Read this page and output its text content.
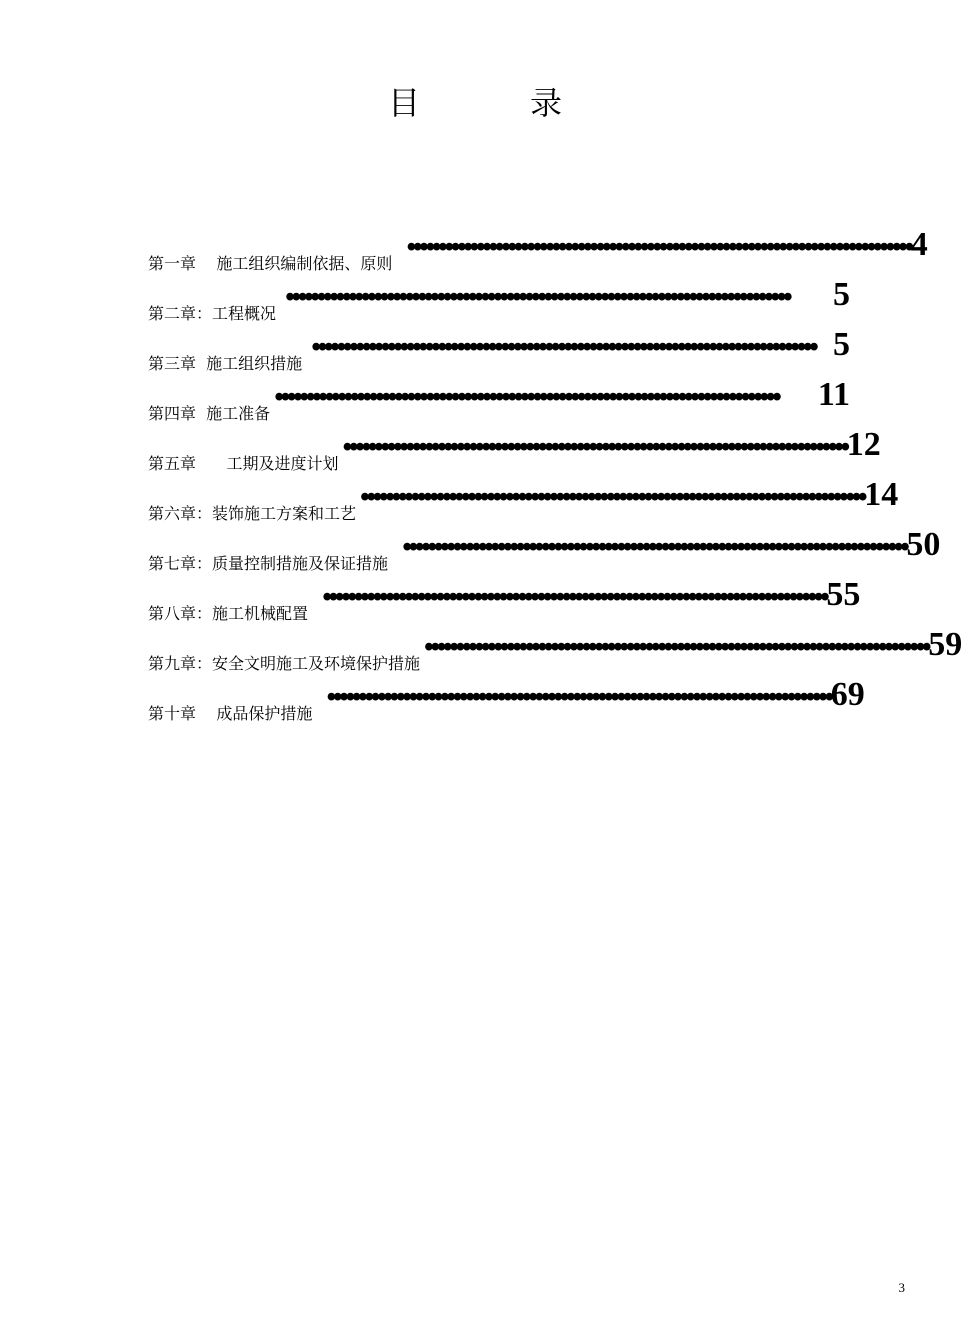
目	录
第一章    施工组织编制依据、原则
•••••••••••••••••••••••••••••••••••••••••••••••••••••••••••••••••••••••••••••••• 4
第二章：工程概况
••••••••••••••••••••••••••••••••••••••••••••••••••••••••••••••••••••••••••••••••	5
第三章  施工组织措施
•••••••••••••••••••••••••••••••••••••••••••••••••••••••••••••••••••••••••••••••• 5
第四章  施工准备
••••••••••••••••••••••••••••••••••••••••••••••••••••••••••••••••••••••••••••••••	11
第五章      工期及进度计划
•••••••••••••••••••••••••••••••••••••••••••••••••••••••••••••••••••••••••••••••• 12
第六章：装饰施工方案和工艺
•••••••••••••••••••••••••••••••••••••••••••••••••••••••••••••••••••••••••••••••• 14
第七章：质量控制措施及保证措施
•••••••••••••••••••••••••••••••••••••••••••••••••••••••••••••••••••••••••••••••• 50
第八章：施工机械配置
•••••••••••••••••••••••••••••••••••••••••••••••••••••••••••••••••••••••••••••••• 55
第九章：安全文明施工及环境保护措施
•••••••••••••••••••••••••••••••••••••••••••••••••••••••••••••••••••••••••••••••• 59
第十章    成品保护措施
•••••••••••••••••••••••••••••••••••••••••••••••••••••••••••••••••••••••••••••••• 69
3
